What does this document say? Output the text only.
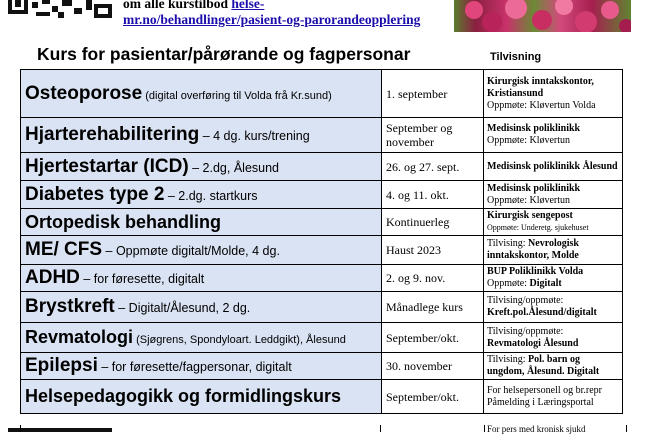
om alle kurstilbod helse-
mr.no/behandlinger/pasient-og-parorandeopplering
Kurs for pasientar/pårørande og fagpersonar	Tilvisning
Osteoporose (digital overføring til Volda frå Kr.sund)	1. september	Kirurgisk inntakskontor, Kristiansund
Oppmøte: Kløvertun Volda
Hjarterehabilitering – 4 dg. kurs/trening	September og november	Medisinsk poliklinikk
Oppmøte: Kløvertun
Hjertestartar (ICD) – 2.dg, Ålesund	26. og 27. sept.	Medisinsk poliklinikk Ålesund
Diabetes type 2 – 2.dg. startkurs	4. og 11. okt.	Medisinsk poliklinikk
Oppmøte: Kløvertun
Ortopedisk behandling	Kontinuerleg	Kirurgisk sengepost
Oppmøte: Underetg. sjukehuset
ME/ CFS – Oppmøte digitalt/Molde, 4 dg.	Haust 2023	Tilvising: Nevrologisk inntakskontor, Molde
ADHD – for føresette, digitalt	2. og 9. nov.	BUP Poliklinikk Volda
Oppmøte: Digitalt
Brystkreft – Digitalt/Ålesund, 2 dg.	Månadlege kurs	Tilvising/oppmøte:
Kreft.pol.Ålesund/digitalt
Revmatologi (Sjøgrens, Spondyloart. Leddgikt), Ålesund	September/okt.	Tilvising/oppmøte:
Revmatologi Ålesund
Epilepsi – for føresette/fagpersonar, digitalt	30. november	Tilvising: Pol. barn og ungdom, Ålesund. Digitalt
Helsepedagogikk og formidlingskurs	September/okt.	For helsepersonell og br.repr Påmelding i Læringsportal
For pers med kronisk sjukd
